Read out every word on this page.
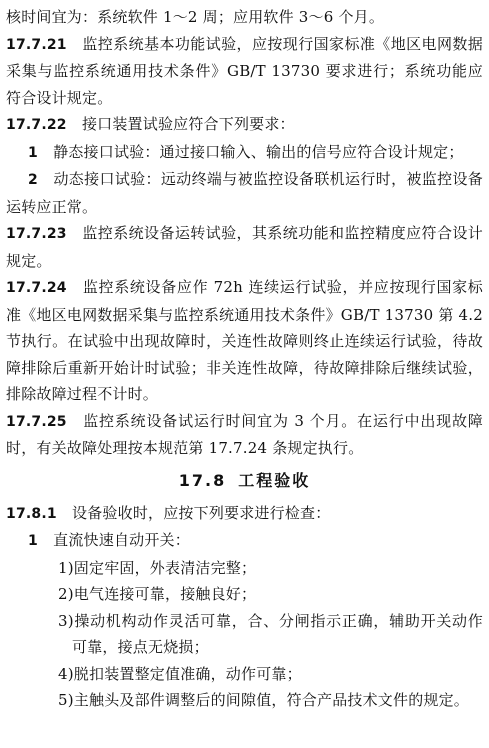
核时间宜为：系统软件 1～2 周；应用软件 3～6 个月。

17.7.21　 监控系统基本功能试验，应按现行国家标准《地区电网数据采集与监控系统通用技术条件》GB/T 13730 要求进行；系统功能应符合设计规定。

17.7.22　 接口装置试验应符合下列要求：

1　 静态接口试验：通过接口输入、输出的信号应符合设计规定；

2　 动态接口试验：远动终端与被监控设备联机运行时，被监控设备运转应正常。

17.7.23　 监控系统设备运转试验，其系统功能和监控精度应符合设计规定。

17.7.24　 监控系统设备应作 72h 连续运行试验，并应按现行国家标准《地区电网数据采集与监控系统通用技术条件》GB/T 13730 第 4.2 节执行。在试验中出现故障时，关连性故障则终止连续运行试验，待故障排除后重新开始计时试验；非关连性故障，待故障排除后继续试验，排除故障过程不计时。

17.7.25　 监控系统设备试运行时间宜为 3 个月。在运行中出现故障时，有关故障处理按本规范第 17.7.24 条规定执行。

17.8 工程验收

17.8.1　 设备验收时，应按下列要求进行检查：

1　 直流快速自动开关：

1)固定牢固，外表清洁完整；

2)电气连接可靠，接触良好；

3)操动机构动作灵活可靠，合、分闸指示正确，辅助开关动作可靠，接点无烧损；

4)脱扣装置整定值准确，动作可靠；

5)主触头及部件调整后的间隙值，符合产品技术文件的规定。
